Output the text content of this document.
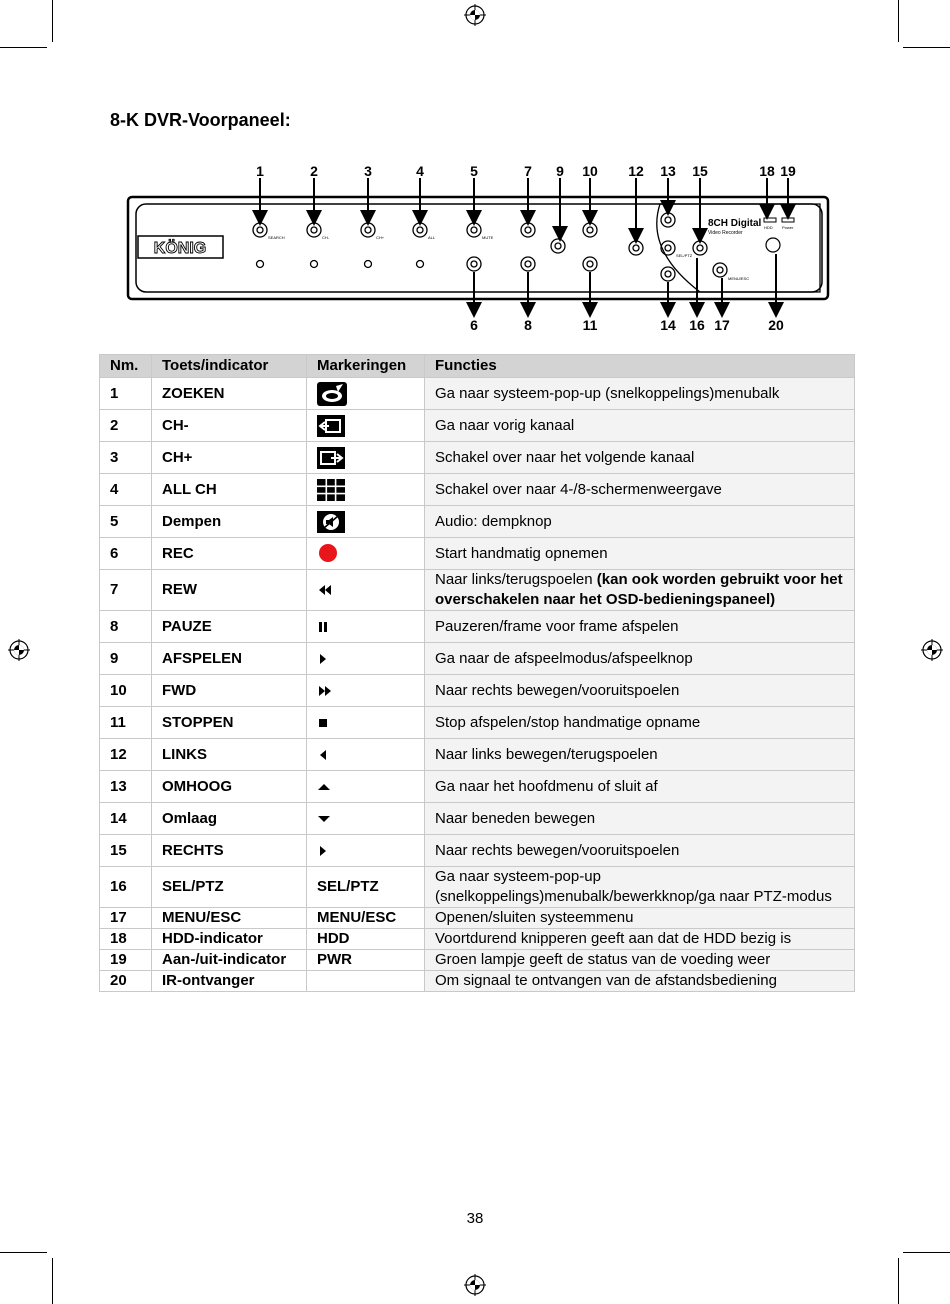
8-K DVR-Voorpaneel:
KÖNIG
8CH Digital
Video Recorder
HDD Power
SEARCH	CH-	CH+	ALL	MUTE
SEL/PTZ
MENU/ESC
1	2	3	4	5	7 9 10 12 13 15	18 19
6	8	11	14 16 17	20
Nm.	Toets/indicator	Markeringen	Functies
1	ZOEKEN		Ga naar systeem-pop-up (snelkoppelings)menubalk
2	CH-		Ga naar vorig kanaal
3	CH+		Schakel over naar het volgende kanaal
4	ALL CH		Schakel over naar 4-/8-schermenweergave
5	Dempen		Audio: dempknop
6	REC		Start handmatig opnemen
7	REW		Naar links/terugspoelen (kan ook worden gebruikt voor het overschakelen naar het OSD-bedieningspaneel)
8	PAUZE		Pauzeren/frame voor frame afspelen
9	AFSPELEN		Ga naar de afspeelmodus/afspeelknop
10	FWD		Naar rechts bewegen/vooruitspoelen
11	STOPPEN		Stop afspelen/stop handmatige opname
12	LINKS		Naar links bewegen/terugspoelen
13	OMHOOG		Ga naar het hoofdmenu of sluit af
14	Omlaag		Naar beneden bewegen
15	RECHTS		Naar rechts bewegen/vooruitspoelen
16	SEL/PTZ	SEL/PTZ	Ga naar systeem-pop-up (snelkoppelings)menubalk/bewerkknop/ga naar PTZ-modus
17	MENU/ESC	MENU/ESC	Openen/sluiten systeemmenu
18	HDD-indicator	HDD	Voortdurend knipperen geeft aan dat de HDD bezig is
19	Aan-/uit-indicator	PWR	Groen lampje geeft de status van de voeding weer
20	IR-ontvanger		Om signaal te ontvangen van de afstandsbediening
38
